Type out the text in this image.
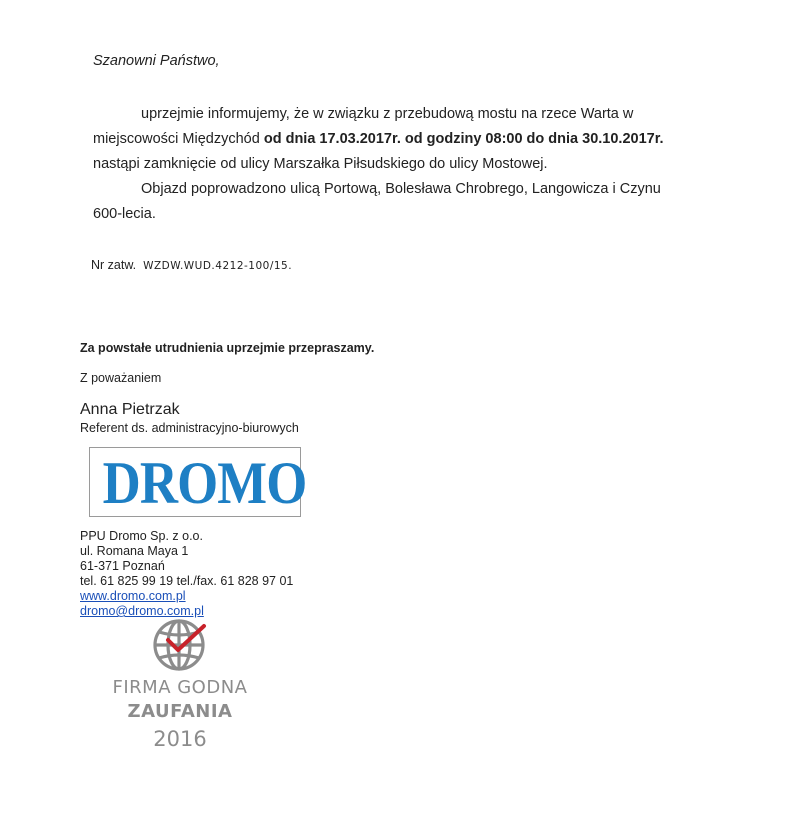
Szanowni Państwo,
uprzejmie informujemy, że w związku z przebudową mostu na rzece Warta w
miejscowości Międzychód od dnia 17.03.2017r. od godziny 08:00 do dnia 30.10.2017r.
nastąpi zamknięcie od ulicy Marszałka Piłsudskiego do ulicy Mostowej.
Objazd poprowadzono ulicą Portową, Bolesława Chrobrego, Langowicza i Czynu
600-lecia.
Nr zatw. WZDW.WUD.4212-100/15.
Za powstałe utrudnienia uprzejmie przepraszamy.
Z poważaniem
Anna Pietrzak
Referent ds. administracyjno-biurowych
DROMO
PPU Dromo Sp. z o.o.
ul. Romana Maya 1
61-371 Poznań
tel. 61 825 99 19 tel./fax. 61 828 97 01
www.dromo.com.pl
dromo@dromo.com.pl
FIRMA GODNA
ZAUFANIA
2016
